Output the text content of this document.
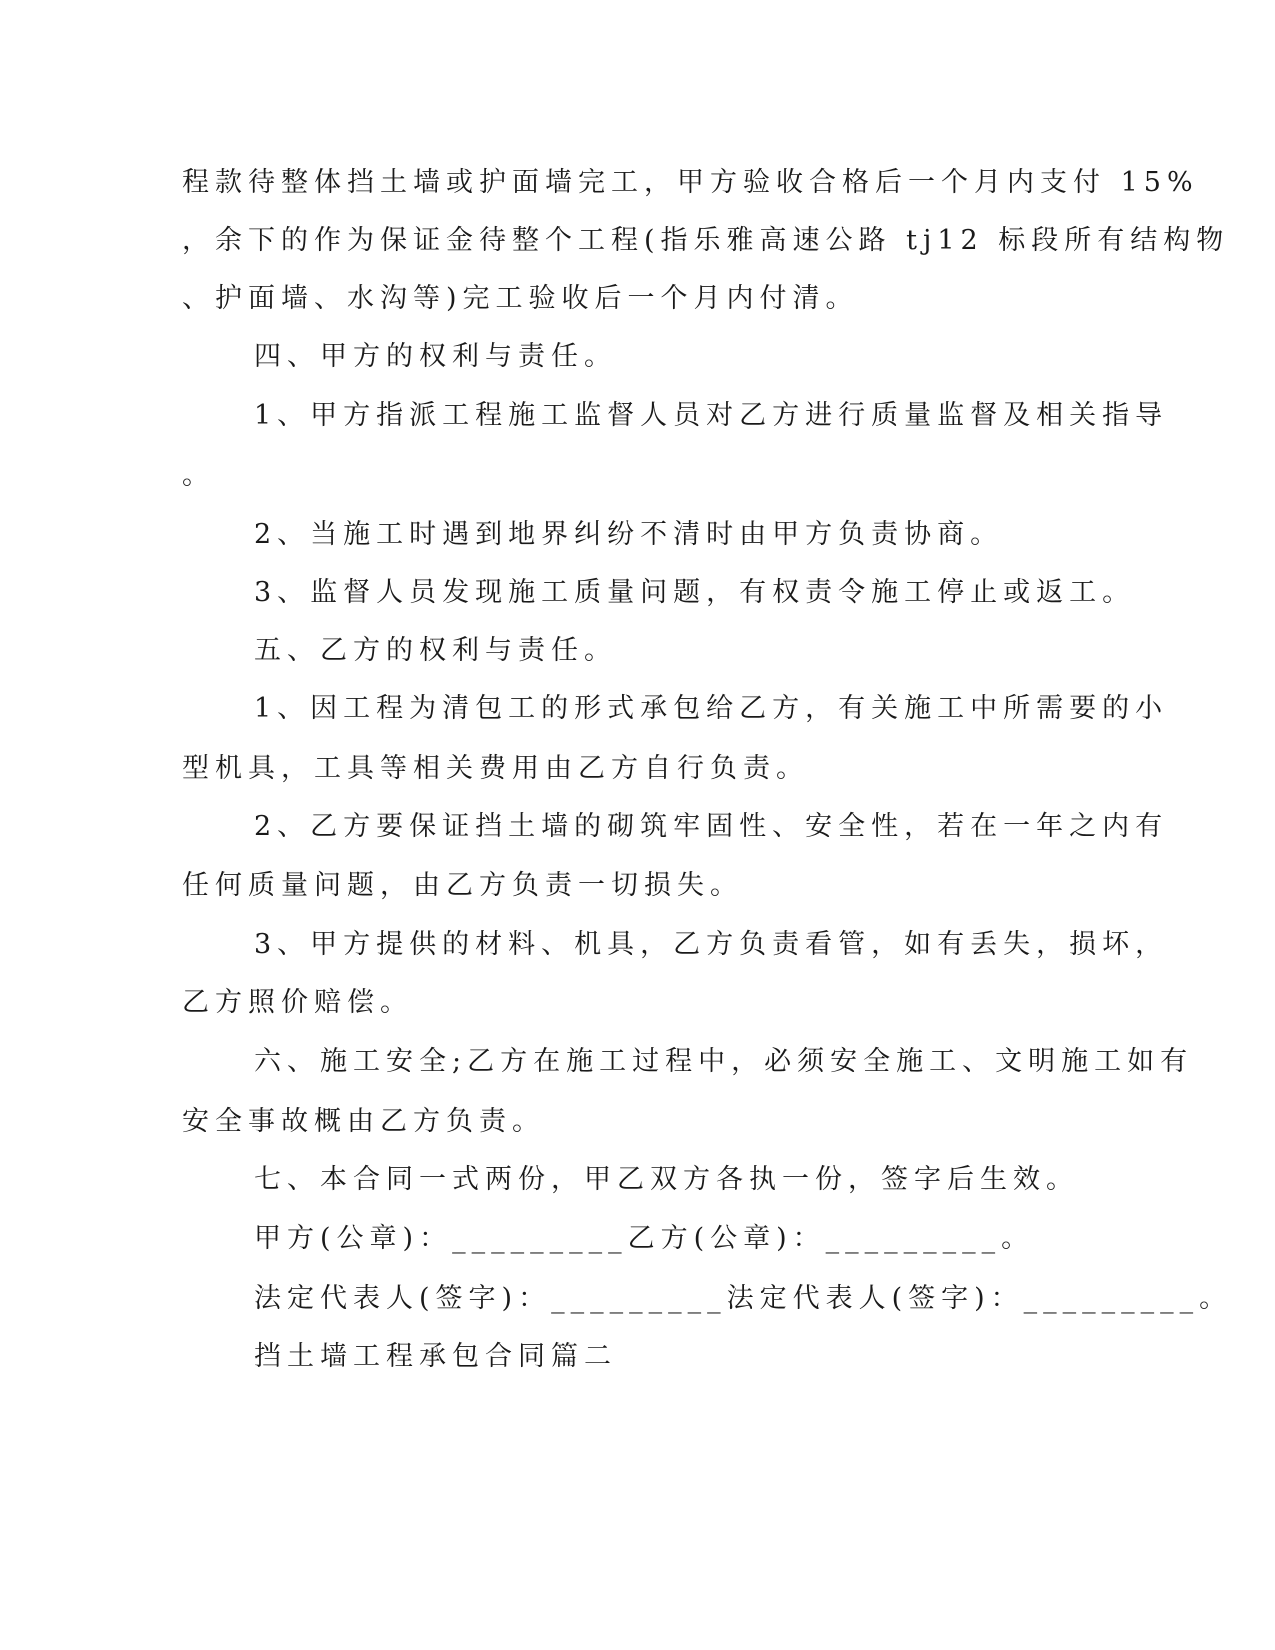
程款待整体挡土墙或护面墙完工，甲方验收合格后一个月内支付 15%
，余下的作为保证金待整个工程(指乐雅高速公路 tj12 标段所有结构物
、护面墙、水沟等)完工验收后一个月内付清。
四、甲方的权利与责任。
1、甲方指派工程施工监督人员对乙方进行质量监督及相关指导
。
2、当施工时遇到地界纠纷不清时由甲方负责协商。
3、监督人员发现施工质量问题，有权责令施工停止或返工。
五、乙方的权利与责任。
1、因工程为清包工的形式承包给乙方，有关施工中所需要的小
型机具，工具等相关费用由乙方自行负责。
2、乙方要保证挡土墙的砌筑牢固性、安全性，若在一年之内有
任何质量问题，由乙方负责一切损失。
3、甲方提供的材料、机具，乙方负责看管，如有丢失，损坏，
乙方照价赔偿。
六、施工安全;乙方在施工过程中，必须安全施工、文明施工如有
安全事故概由乙方负责。
七、本合同一式两份，甲乙双方各执一份，签字后生效。
甲方(公章)：_________乙方(公章)：_________。
法定代表人(签字)：_________法定代表人(签字)：_________。
挡土墙工程承包合同篇二
